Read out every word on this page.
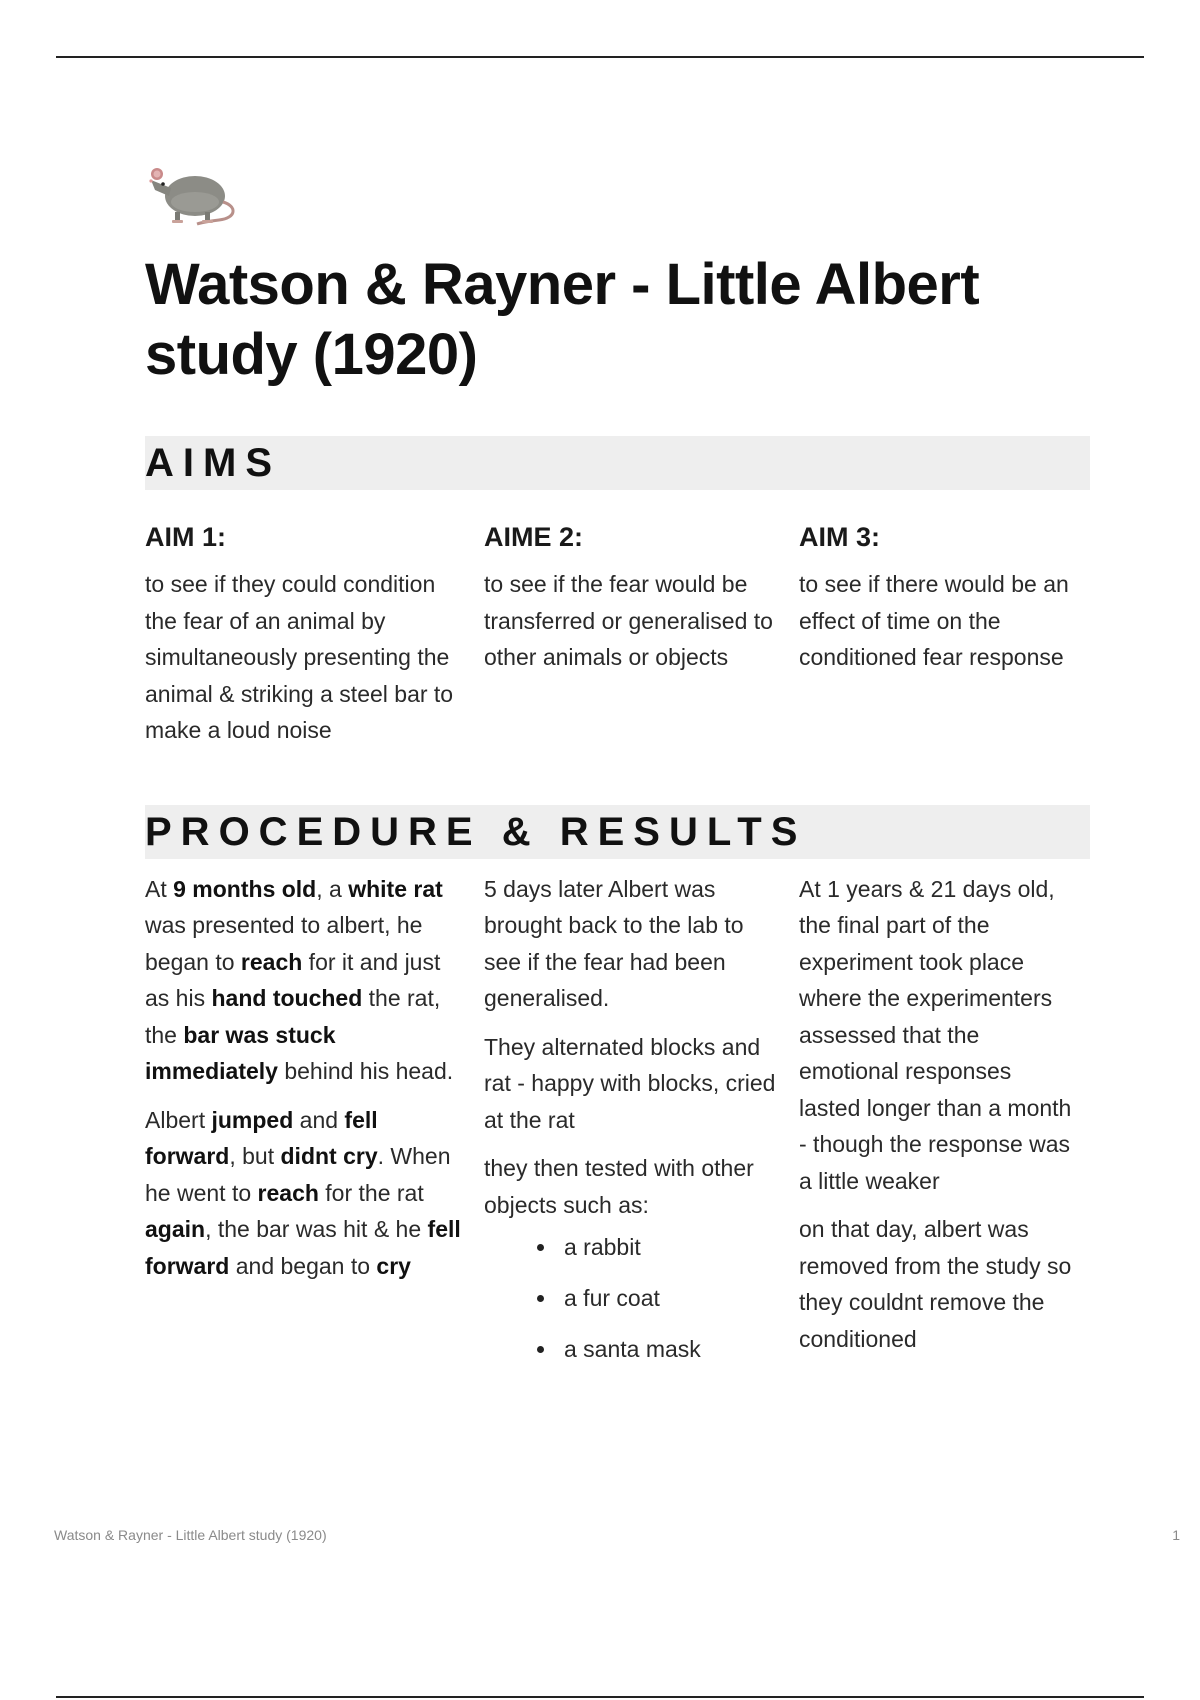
Watson & Rayner - Little Albert
study (1920)
AIMS
AIM 1:
to see if they could condition the fear of an animal by simultaneously presenting the animal & striking a steel bar to make a loud noise
AIME 2:
to see if the fear would be transferred or generalised to other animals or objects
AIM 3:
to see if there would be an effect of time on the conditioned fear response
PROCEDURE & RESULTS

At 9 months old, a white rat was presented to albert, he began to reach for it and just as his hand touched the rat, the bar was stuck immediately behind his head.

Albert jumped and fell forward, but didnt cry. When he went to reach for the rat again, the bar was hit & he fell forward and began to cry

5 days later Albert was brought back to the lab to see if the fear had been generalised.

They alternated blocks and rat - happy with blocks, cried at the rat

they then tested with other objects such as:

a rabbit
a fur coat
a santa mask

At 1 years & 21 days old, the final part of the experiment took place where the experimenters assessed that the emotional responses lasted longer than a month - though the response was a little weaker

on that day, albert was removed from the study so they couldnt remove the conditioned

Watson & Rayner - Little Albert study (1920)	1
